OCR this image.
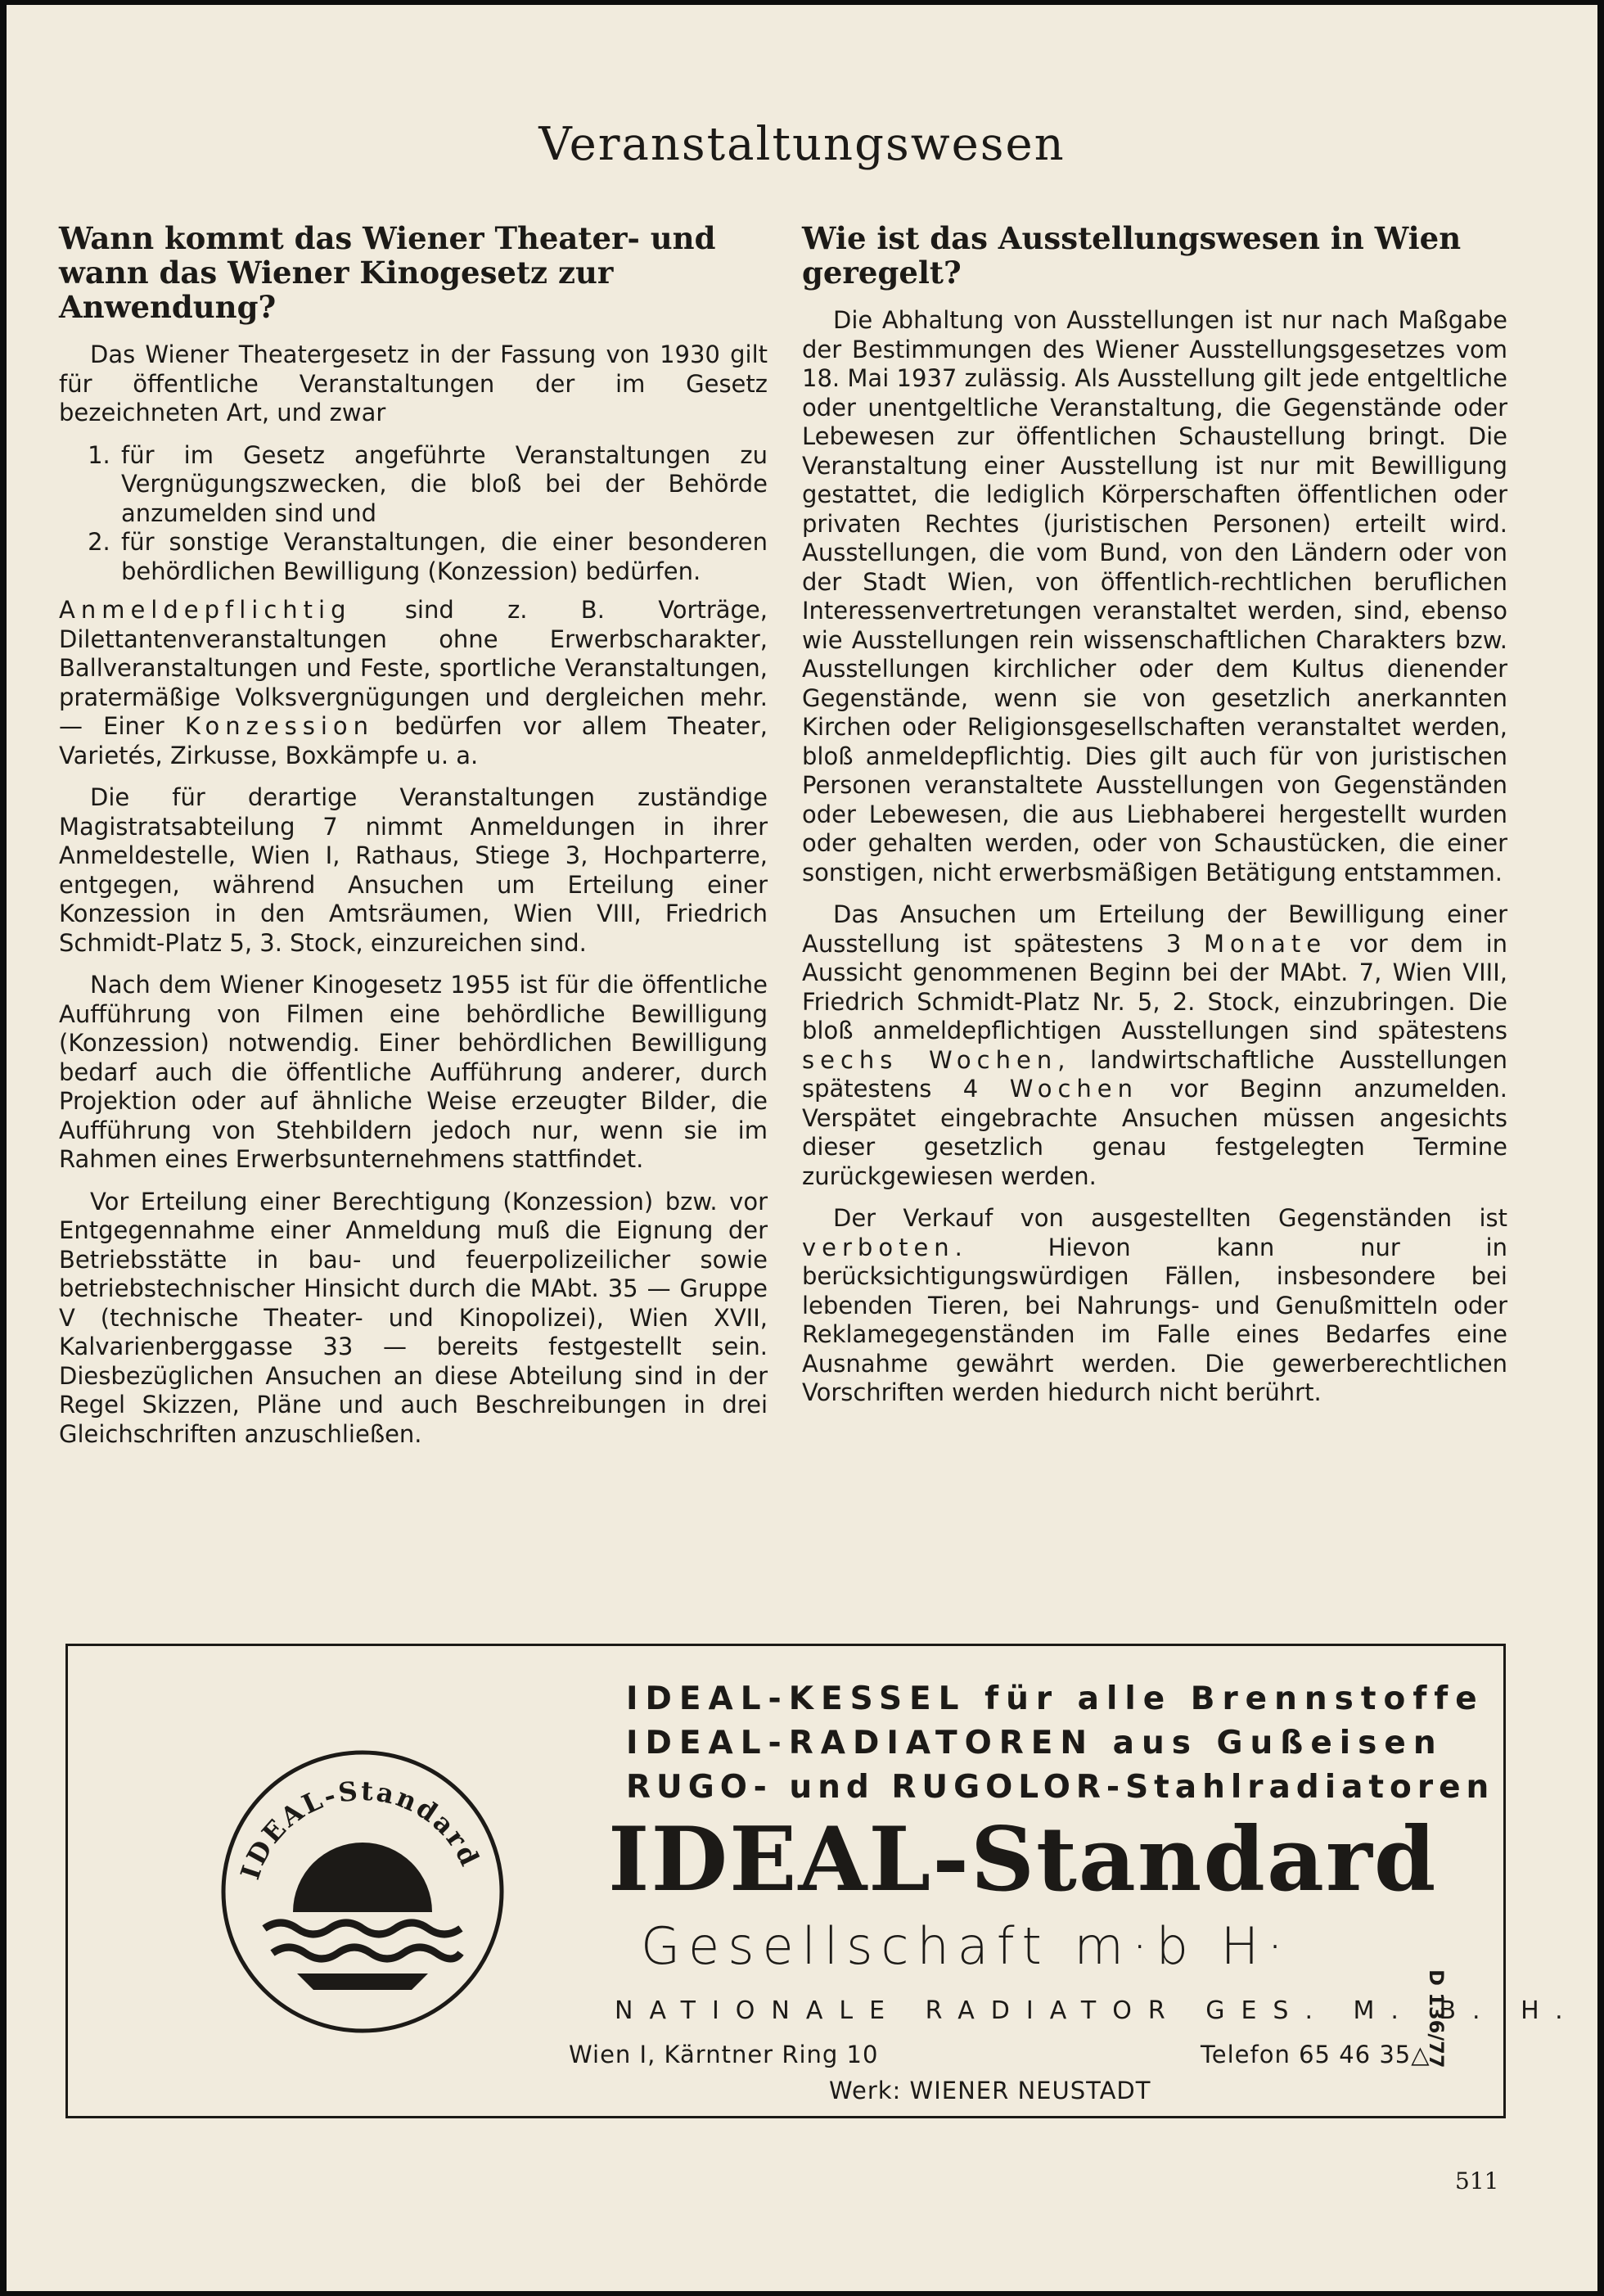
Veranstaltungswesen
Wann kommt das Wiener Theater- und wann das Wiener Kinogesetz zur Anwendung?

Das Wiener Theatergesetz in der Fassung von 1930 gilt für öffentliche Veranstaltungen der im Gesetz bezeichneten Art, und zwar

1. für im Gesetz angeführte Veranstaltungen zu Vergnügungszwecken, die bloß bei der Behörde anzumelden sind und
2. für sonstige Veranstaltungen, die einer besonderen behördlichen Bewilligung (Konzession) bedürfen.

Anmeldepflichtig sind z. B. Vorträge, Dilettantenveranstaltungen ohne Erwerbscharakter, Ballveranstaltungen und Feste, sportliche Veranstaltungen, pratermäßige Volksvergnügungen und dergleichen mehr. — Einer Konzession bedürfen vor allem Theater, Varietés, Zirkusse, Boxkämpfe u. a.

Die für derartige Veranstaltungen zuständige Magistratsabteilung 7 nimmt Anmeldungen in ihrer Anmeldestelle, Wien I, Rathaus, Stiege 3, Hochparterre, entgegen, während Ansuchen um Erteilung einer Konzession in den Amtsräumen, Wien VIII, Friedrich Schmidt-Platz 5, 3. Stock, einzureichen sind.

Nach dem Wiener Kinogesetz 1955 ist für die öffentliche Aufführung von Filmen eine behördliche Bewilligung (Konzession) notwendig. Einer behördlichen Bewilligung bedarf auch die öffentliche Aufführung anderer, durch Projektion oder auf ähnliche Weise erzeugter Bilder, die Aufführung von Stehbildern jedoch nur, wenn sie im Rahmen eines Erwerbsunternehmens stattfindet.

Vor Erteilung einer Berechtigung (Konzession) bzw. vor Entgegennahme einer Anmeldung muß die Eignung der Betriebsstätte in bau- und feuerpolizeilicher sowie betriebstechnischer Hinsicht durch die MAbt. 35 — Gruppe V (technische Theater- und Kinopolizei), Wien XVII, Kalvarienberggasse 33 — bereits festgestellt sein. Diesbezüglichen Ansuchen an diese Abteilung sind in der Regel Skizzen, Pläne und auch Beschreibungen in drei Gleichschriften anzuschließen.

Wie ist das Ausstellungswesen in Wien geregelt?

Die Abhaltung von Ausstellungen ist nur nach Maßgabe der Bestimmungen des Wiener Ausstellungsgesetzes vom 18. Mai 1937 zulässig. Als Ausstellung gilt jede entgeltliche oder unentgeltliche Veranstaltung, die Gegenstände oder Lebewesen zur öffentlichen Schaustellung bringt. Die Veranstaltung einer Ausstellung ist nur mit Bewilligung gestattet, die lediglich Körperschaften öffentlichen oder privaten Rechtes (juristischen Personen) erteilt wird. Ausstellungen, die vom Bund, von den Ländern oder von der Stadt Wien, von öffentlich-rechtlichen beruflichen Interessenvertretungen veranstaltet werden, sind, ebenso wie Ausstellungen rein wissenschaftlichen Charakters bzw. Ausstellungen kirchlicher oder dem Kultus dienender Gegenstände, wenn sie von gesetzlich anerkannten Kirchen oder Religionsgesellschaften veranstaltet werden, bloß anmeldepflichtig. Dies gilt auch für von juristischen Personen veranstaltete Ausstellungen von Gegenständen oder Lebewesen, die aus Liebhaberei hergestellt wurden oder gehalten werden, oder von Schaustücken, die einer sonstigen, nicht erwerbsmäßigen Betätigung entstammen.

Das Ansuchen um Erteilung der Bewilligung einer Ausstellung ist spätestens 3 Monate vor dem in Aussicht genommenen Beginn bei der MAbt. 7, Wien VIII, Friedrich Schmidt-Platz Nr. 5, 2. Stock, einzubringen. Die bloß anmeldepflichtigen Ausstellungen sind spätestens sechs Wochen, landwirtschaftliche Ausstellungen spätestens 4 Wochen vor Beginn anzumelden. Verspätet eingebrachte Ansuchen müssen angesichts dieser gesetzlich genau festgelegten Termine zurückgewiesen werden.

Der Verkauf von ausgestellten Gegenständen ist verboten. Hievon kann nur in berücksichtigungswürdigen Fällen, insbesondere bei lebenden Tieren, bei Nahrungs- und Genußmitteln oder Reklamegegenständen im Falle eines Bedarfes eine Ausnahme gewährt werden. Die gewerberechtlichen Vorschriften werden hiedurch nicht berührt.

IDEAL-KESSEL für alle Brennstoffe
IDEAL-RADIATOREN aus Gußeisen
RUGO- und RUGOLOR-Stahlradiatoren
IDEAL-Standard IDEAL-Standard
Gesellschaft m·b H·
NATIONALE RADIATOR GES. M. B. H.
Wien I, Kärntner Ring 10	Telefon 65 46 35△
Werk: WIENER NEUSTADT
D 136/77
511
